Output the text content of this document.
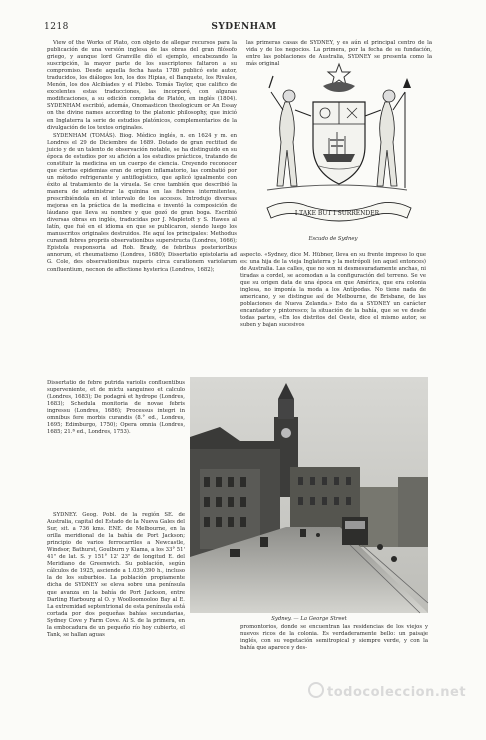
1218	SYDENHAM

View of the Works of Plato, con objeto de allegar recursos para la publicación de una versión inglesa de las obras del gran filósofo griego, y aunque lord Granville dió el ejemplo, encabezando la suscripción, la mayor parte de los suscriptores faltaron a su compromiso. Desde aquella fecha hasta 1780 publicó este autor, traducidos, los diálogos Ion, los dos Hipias, el Banquete, los Rivales, Menón, los dos Alcibíades y el Filebo. Tomás Taylor, que califico de excelentes estas traducciones, las incorporó, con algunas modificaciones, a su edición completa de Platón, en inglés (1804). SYDENHAM escribió, además, Onomasticon theologicum or An Essay on the divine names according to the platonic philosophy, que inició en Inglaterra la serie de estudios platónicos, complementarios de la divulgación de los textos originales.

SYDENHAM (TOMÁS). Biog. Médico inglés, n. en 1624 y m. en Londres el 29 de Diciembre de 1689. Dotado de gran rectitud de juicio y de un talento de observación notable, se ha distinguido en su época de estudios por su afición a los estudios prácticos, tratando de constituir la medicina en un cuerpo de ciencia. Creyendo reconocer que ciertas epidemias eran de origen inflamatorio, las combatió por un método refrigerante y antiflogístico, que aplicó igualmente con éxito al tratamiento de la viruela. Se cree también que describió la manera de administrar la quinina en las fiebres intermitentes, prescribiéndola en el intervalo de los accesos. Introdujo diversas mejoras en la práctica de la medicina e inventó la composición de láudano que lleva su nombre y que gozó de gran boga. Escribió diversas obras en inglés, traducidas por J. Mapletoft y S. Hawes al latín, que fué en el idioma en que se publicaron, siendo luego los manuscritos originales destruidos. He aquí los principales: Methodus curandi febres propriis observationibus superstructa (Londres, 1666); Epistola responsoria ad Rob. Brady, de febribus posterioribus annorum, et rheumatismo (Londres, 1680); Dissertatio epistolaria ad G. Cole, des observationibus nuperis circa curationem variolarum confluentium, necnon de affectione hysterica (Londres, 1682);

I TAKE BUT I SURRENDER
Escudo de Sydney

aspecto. «Sydney, dice M. Hübner, lleva en su frente impreso lo que es: una hija de la vieja Inglaterra y la metrópoli (en aquel entonces) de Australia. Las calles, que no son ni desmesuradamente anchas, ni tiradas a cordel, se acomodan a la configuración del terreno. Se ve que su origen data de una época en que América, que era colonia inglesa, no imponía la moda a los Antípodas. No tiene nada de americano, y se distingue así de Melbourne, de Brisbane, de las poblaciones de Nueva Zelanda.» Esto da a SYDNEY un carácter encantador y pintoresco; la situación de la bahía, que se ve desde todas partes, «En los distritos del Oeste, dice el mismo autor, se suben y bajan sucesivos

las primeras casas de SYDNEY, y es aún el principal centro de la vida y de los negocios. La primera, por la fecha de su fundación, entre las poblaciones de Australia, SYDNEY se presenta como la más original

Dissertatio de febre putrida variolis confluentibus superveniente, et de mictu sanguineo et calculo (Londres, 1683); De podagrá et hydrope (Londres, 1683); Schedula monitoria de novae febris ingressu (Londres, 1686); Processus integri in omnibus fere morbis curandis (8.° ed., Londres, 1695; Edimburgo, 1750); Opera omnia (Londres, 1685; 21.ª ed., Londres, 1753).

SYDNEY. Geog. Pobl. de la región SE. de Australia, capital del Estado de la Nueva Gales del Sur, sit. a 736 kms. ENE. de Melbourne, en la orilla meridional de la bahía de Port Jackson; principio de varios ferrocarriles a Newcastle, Windsor, Bathurst, Goulburn y Kiama, a los 33° 51' 41" de lat. S. y 151° 12' 23" de longitud E. del Meridiano de Greenwich. Su población, según cálculos de 1925, asciende a 1.039,390 h., incluso la de los suburbios. La población propiamente dicha de SYDNEY se eleva sobre una península que avanza en la bahía de Port Jackson, entre Darling Harbourg al O. y Woolloomooloo Bay al E. La extremidad septentrional de esta península está cortada por dos pequeñas bahías secundarias, Sydney Cove y Farm Cove. Al S. de la primera, en la embocadura de un pequeño río hoy cubierto, el Tank, se hallan aguas

Sydney. — La George Street

promontorios, donde se encuentran las residencias de los viejos y nuevos ricos de la colonia. Es verdaderamente bello: un paisaje inglés, con su vegetación semitropical y siempre verde, y con la bahía que aparece y des-

todocoleccion.net
